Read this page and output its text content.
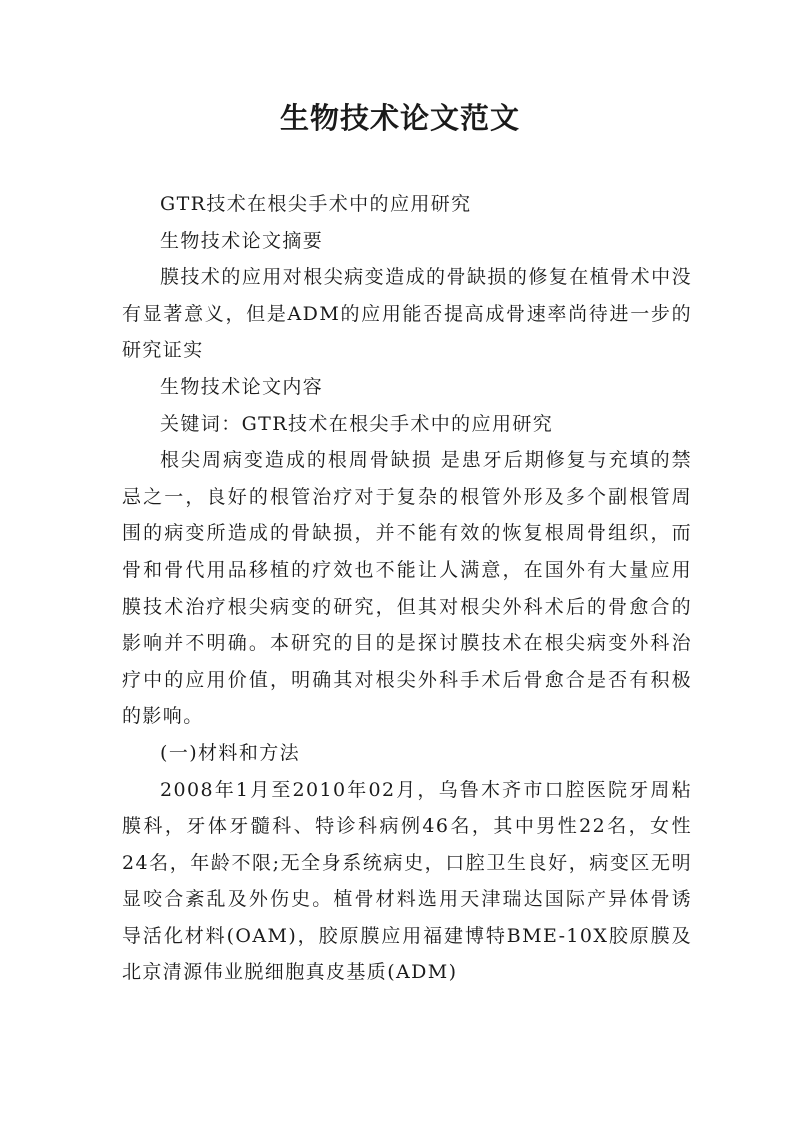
生物技术论文范文

GTR技术在根尖手术中的应用研究

生物技术论文摘要

膜技术的应用对根尖病变造成的骨缺损的修复在植骨术中没有显著意义，但是ADM的应用能否提高成骨速率尚待进一步的研究证实

生物技术论文内容

关键词：GTR技术在根尖手术中的应用研究

根尖周病变造成的根周骨缺损 是患牙后期修复与充填的禁忌之一，良好的根管治疗对于复杂的根管外形及多个副根管周围的病变所造成的骨缺损，并不能有效的恢复根周骨组织，而骨和骨代用品移植的疗效也不能让人满意，在国外有大量应用膜技术治疗根尖病变的研究，但其对根尖外科术后的骨愈合的影响并不明确。本研究的目的是探讨膜技术在根尖病变外科治疗中的应用价值，明确其对根尖外科手术后骨愈合是否有积极的影响。

(一)材料和方法

2008年1月至2010年02月，乌鲁木齐市口腔医院牙周粘膜科，牙体牙髓科、特诊科病例46名，其中男性22名，女性24名，年龄不限;无全身系统病史，口腔卫生良好，病变区无明显咬合紊乱及外伤史。植骨材料选用天津瑞达国际产异体骨诱导活化材料(OAM)，胶原膜应用福建博特BME-10X胶原膜及北京清源伟业脱细胞真皮基质(ADM)
